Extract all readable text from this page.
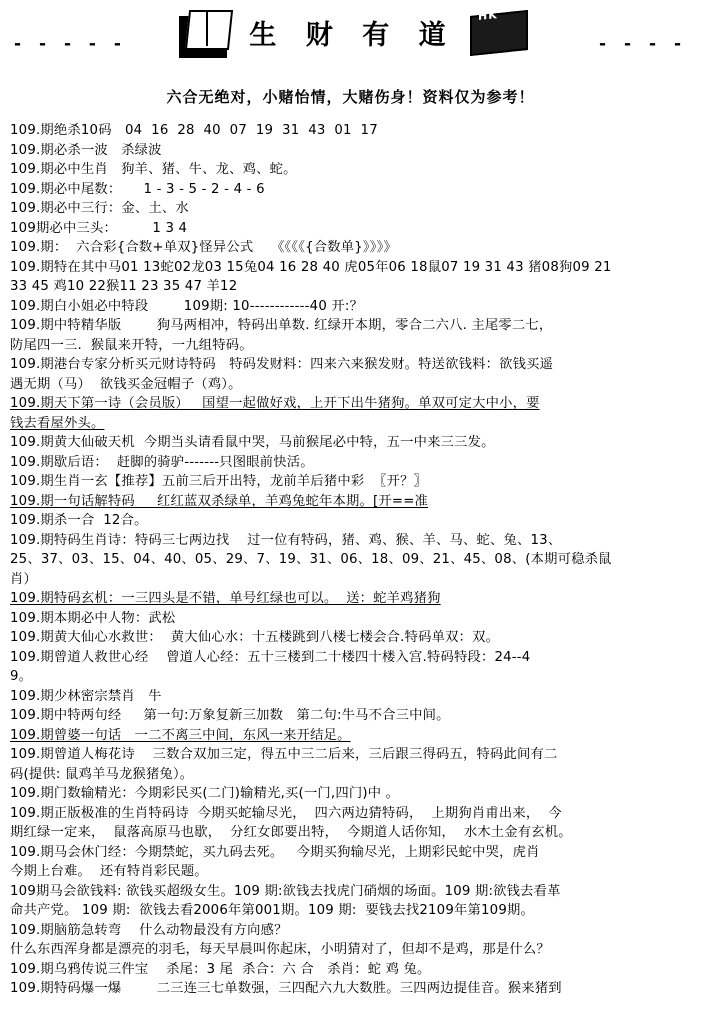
- - - - -	- - - -
生 财 有 道
HK
六合无绝对，小赌怡情，大赌伤身！资料仅为参考！
109.期绝杀10码   04  16  28  40  07  19  31  43  01  17
109.期必杀一波   杀绿波
109.期必中生肖   狗羊、猪、牛、龙、鸡、蛇。
109.期必中尾数：     1 - 3 - 5 - 2 - 4 - 6
109.期必中三行：金、土、水
109期必中三头：        1 3 4
109.期：  六合彩{合数+单双}怪异公式    《《《《{合数单}》》》》
109.期特在其中马01 13蛇02龙03 15兔04 16 28 40 虎05年06 18鼠07 19 31 43 猪08狗09 21
33 45 鸡10 22猴11 23 35 47 羊12
109.期白小姐必中特段        109期: 10------------40 开:？
109.期中特精华版        狗马两相冲，特码出单数. 红绿开本期，零合二六八. 主尾零二七，
防尾四一三.  猴鼠来开特，一九组特码。
109.期港台专家分析买元财诗特码   特码发财料：四来六来猴发财。特送欲钱料：欲钱买遥
遇无期（马）  欲钱买金冠帽子（鸡）。
109.期天下第一诗（会员版）   国望一起做好戏，上开下出牛猪狗。单双可定大中小，要
钱去看屋外头。
109.期黄大仙破天机  今期当头请看鼠中哭，马前猴尾必中特，五一中来三三发。
109.期歇后语：  赶脚的骑驴-------只图眼前快活。
109.期生肖一玄【推荐】五前三后开出特，龙前羊后猪中彩  〖开？〗
109.期一句话解特码     红红蓝双杀绿单，羊鸡兔蛇年本期。[开==准
109.期杀一合  12合。
109.期特码生肖诗：特码三七两边找    过一位有特码，猪、鸡、猴、羊、马、蛇、兔、13、
25、37、03、15、04、40、05、29、7、19、31、06、18、09、21、45、08、(本期可稳杀鼠
肖）
109.期特码玄机：一三四头是不错，单号红绿也可以。  送：蛇羊鸡猪狗
109.期本期必中人物：武松
109.期黄大仙心水救世：  黄大仙心水：十五楼跳到八楼七楼会合.特码单双：双。
109.期曾道人救世心经    曾道人心经：五十三楼到二十楼四十楼入宫.特码特段：24--4
9。
109.期少林密宗禁肖   牛
109.期中特两句经     第一句:万象复新三加数   第二句:牛马不合三中间。
109.期曾婆一句话   一二不离三中间，东风一来开结足。
109.期曾道人梅花诗    三数合双加三定，得五中三二后来，三后跟三得码五，特码此间有二
码(提供: 鼠鸡羊马龙猴猪兔）。
109.期门数输精光：今期彩民买(二门)输精光,买(一门,四门)中 。
109.期正版极准的生肖特码诗  今期买蛇输尽光，  四六两边猜特码，  上期狗肖甫出来，  今
期红绿一定来，  鼠落高原马也歇，  分红女郎要出特，  今期道人话你知，  水木土金有玄机。
109.期马会休门经：今期禁蛇，买九码去死。   今期买狗输尽光，上期彩民蛇中哭，虎肖
今期上台难。  还有特肖彩民题。
109期马会欲钱料: 欲钱买超级女生。109 期:欲钱去找虎门硝烟的场面。109 期:欲钱去看革
命共产党。 109 期:  欲钱去看2006年第001期。109 期:  要钱去找2109年第109期。
109.期脑筋急转弯    什么动物最没有方向感？
什么东西浑身都是漂亮的羽毛，每天早晨叫你起床，小明猜对了，但却不是鸡，那是什么？
109.期乌鸦传说三件宝    杀尾：3 尾  杀合：六 合   杀肖：蛇 鸡 兔。
109.期特码爆一爆        二三连三七单数强，三四配六九大数胜。三四两边提佳音。猴来猪到
